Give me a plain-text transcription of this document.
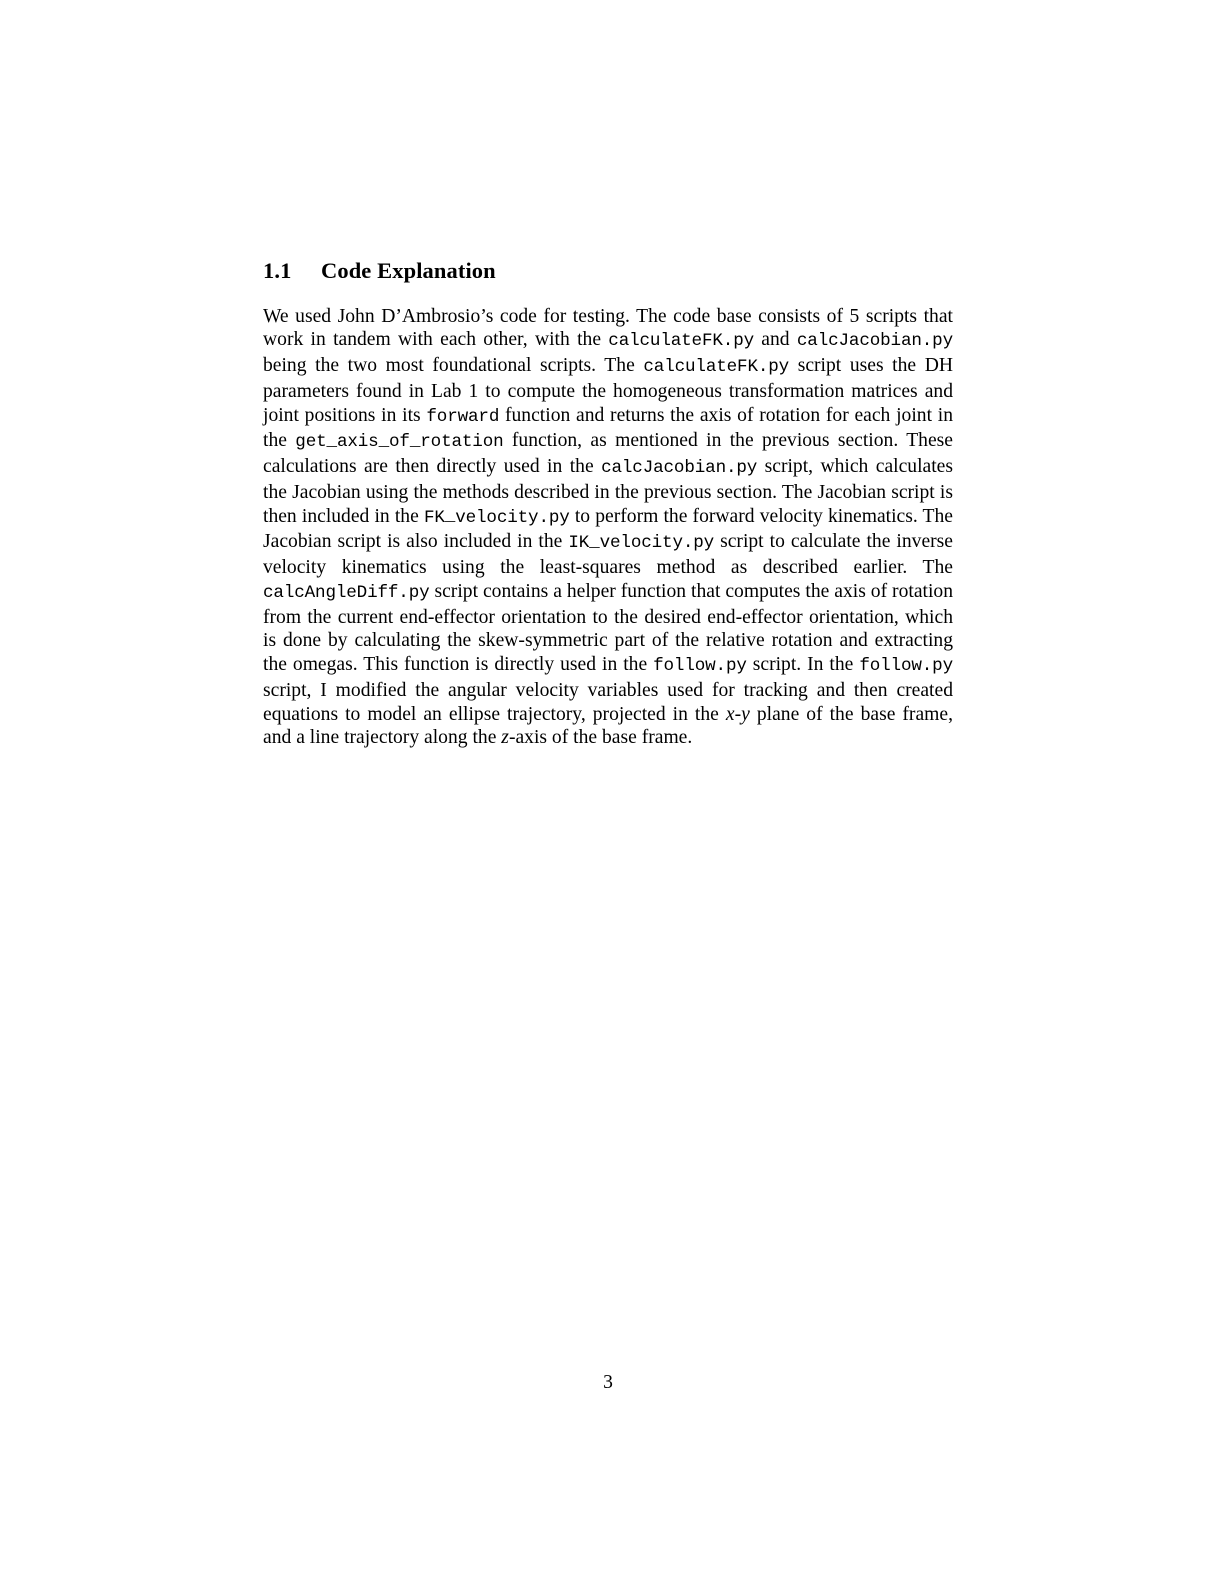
1.1 Code Explanation

We used John D’Ambrosio’s code for testing. The code base consists of 5 scripts that work in tandem with each other, with the calculateFK.py and calcJacobian.py being the two most foundational scripts. The calculateFK.py script uses the DH parameters found in Lab 1 to compute the homogeneous transformation matrices and joint positions in its forward function and returns the axis of rotation for each joint in the get_axis_of_rotation function, as mentioned in the previous section. These calculations are then directly used in the calcJacobian.py script, which calculates the Jacobian using the methods described in the previous section. The Jacobian script is then included in the FK_velocity.py to perform the forward velocity kinematics. The Jacobian script is also included in the IK_velocity.py script to calculate the inverse velocity kinematics using the least-squares method as described earlier. The calcAngleDiff.py script contains a helper function that computes the axis of rotation from the current end-effector orientation to the desired end-effector orientation, which is done by calculating the skew-symmetric part of the relative rotation and extracting the omegas. This function is directly used in the follow.py script. In the follow.py script, I modified the angular velocity variables used for tracking and then created equations to model an ellipse trajectory, projected in the x-y plane of the base frame, and a line trajectory along the z-axis of the base frame.

3
